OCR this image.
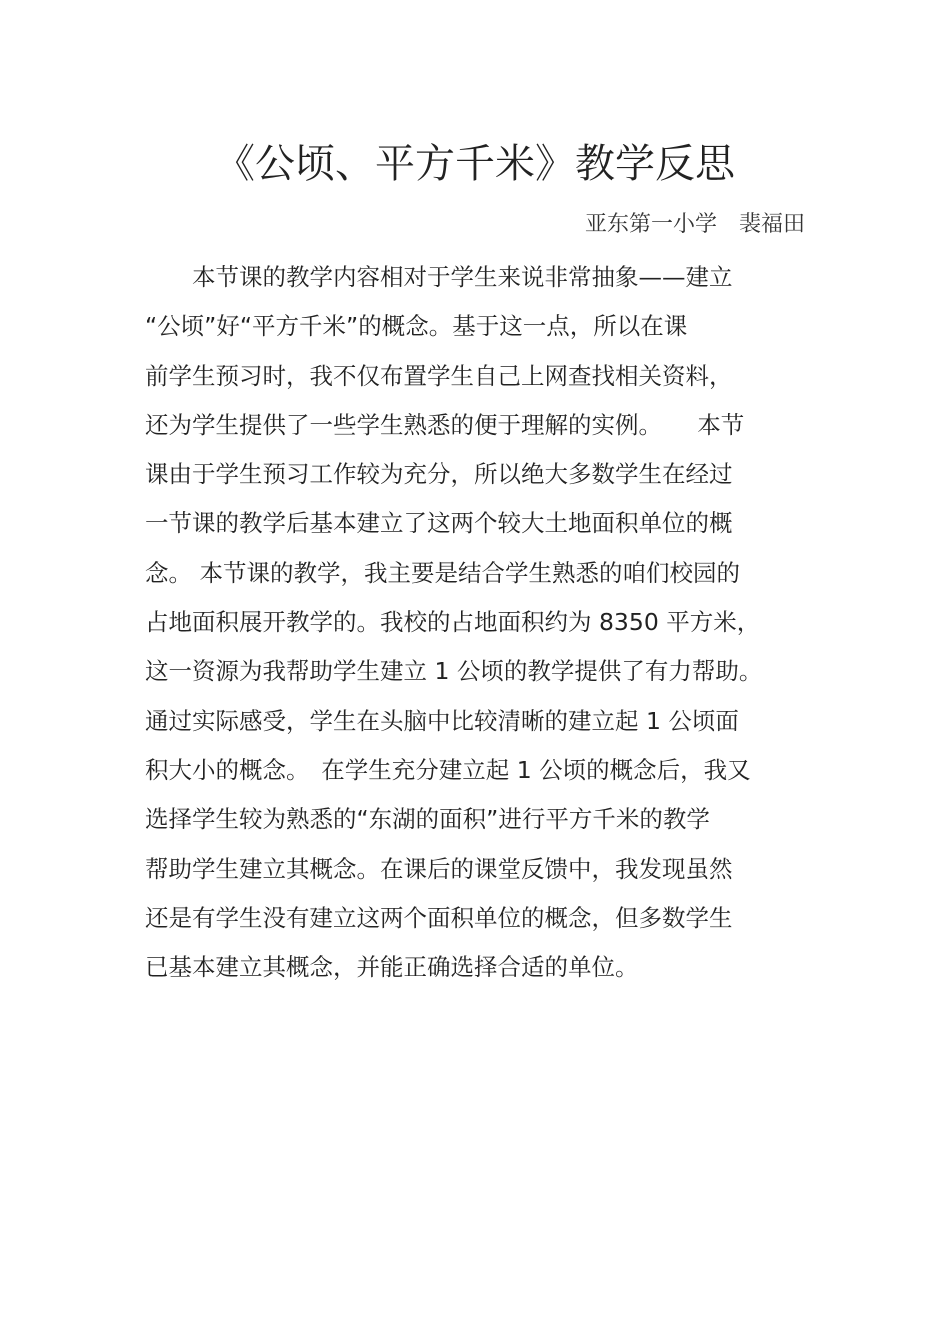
《公顷、平方千米》教学反思
亚东第一小学　裴福田
　　本节课的教学内容相对于学生来说非常抽象——建立
“公顷”好“平方千米”的概念。基于这一点，所以在课
前学生预习时，我不仅布置学生自己上网查找相关资料，
还为学生提供了一些学生熟悉的便于理解的实例。　　本节
课由于学生预习工作较为充分，所以绝大多数学生在经过
一节课的教学后基本建立了这两个较大土地面积单位的概
念。 本节课的教学，我主要是结合学生熟悉的咱们校园的
占地面积展开教学的。我校的占地面积约为 8350 平方米，
这一资源为我帮助学生建立 1 公顷的教学提供了有力帮助。
通过实际感受，学生在头脑中比较清晰的建立起 1 公顷面
积大小的概念。　在学生充分建立起 1 公顷的概念后，我又
选择学生较为熟悉的“东湖的面积”进行平方千米的教学
帮助学生建立其概念。在课后的课堂反馈中，我发现虽然
还是有学生没有建立这两个面积单位的概念，但多数学生
已基本建立其概念，并能正确选择合适的单位。
